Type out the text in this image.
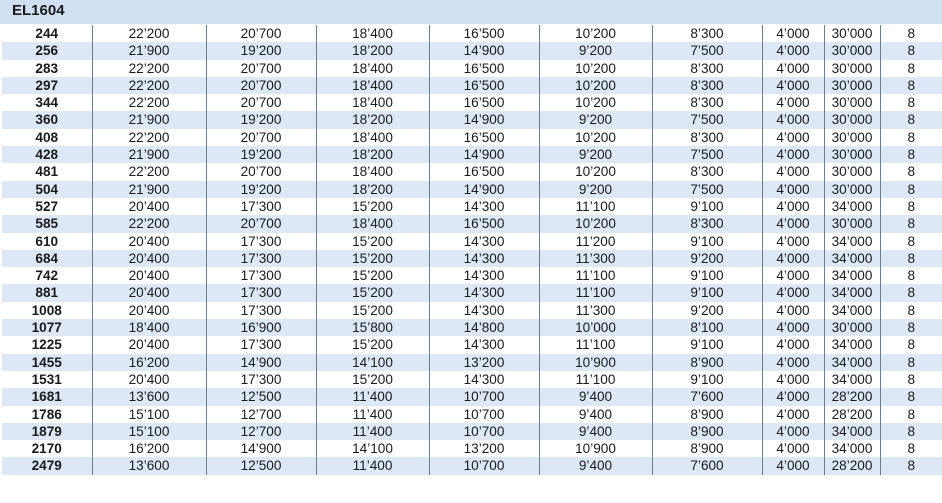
EL1604
244	22’200	20’700	18’400	16’500	10’200	8’300	4’000	30’000	8
256	21’900	19’200	18’200	14’900	9’200	7’500	4’000	30’000	8
283	22’200	20’700	18’400	16’500	10’200	8’300	4’000	30’000	8
297	22’200	20’700	18’400	16’500	10’200	8’300	4’000	30’000	8
344	22’200	20’700	18’400	16’500	10’200	8’300	4’000	30’000	8
360	21’900	19’200	18’200	14’900	9’200	7’500	4’000	30’000	8
408	22’200	20’700	18’400	16’500	10’200	8’300	4’000	30’000	8
428	21’900	19’200	18’200	14’900	9’200	7’500	4’000	30’000	8
481	22’200	20’700	18’400	16’500	10’200	8’300	4’000	30’000	8
504	21’900	19’200	18’200	14’900	9’200	7’500	4’000	30’000	8
527	20’400	17’300	15’200	14’300	11’100	9’100	4’000	34’000	8
585	22’200	20’700	18’400	16’500	10’200	8’300	4’000	30’000	8
610	20’400	17’300	15’200	14’300	11’200	9’100	4’000	34’000	8
684	20’400	17’300	15’200	14’300	11’300	9’200	4’000	34’000	8
742	20’400	17’300	15’200	14’300	11’100	9’100	4’000	34’000	8
881	20’400	17’300	15’200	14’300	11’100	9’100	4’000	34’000	8
1008	20’400	17’300	15’200	14’300	11’300	9’200	4’000	34’000	8
1077	18’400	16’900	15’800	14’800	10’000	8’100	4’000	30’000	8
1225	20’400	17’300	15’200	14’300	11’100	9’100	4’000	34’000	8
1455	16’200	14’900	14’100	13’200	10’900	8’900	4’000	34’000	8
1531	20’400	17’300	15’200	14’300	11’100	9’100	4’000	34’000	8
1681	13’600	12’500	11’400	10’700	9’400	7’600	4’000	28’200	8
1786	15’100	12’700	11’400	10’700	9’400	8’900	4’000	28’200	8
1879	15’100	12’700	11’400	10’700	9’400	8’900	4’000	34’000	8
2170	16’200	14’900	14’100	13’200	10’900	8’900	4’000	34’000	8
2479	13’600	12’500	11’400	10’700	9’400	7’600	4’000	28’200	8
